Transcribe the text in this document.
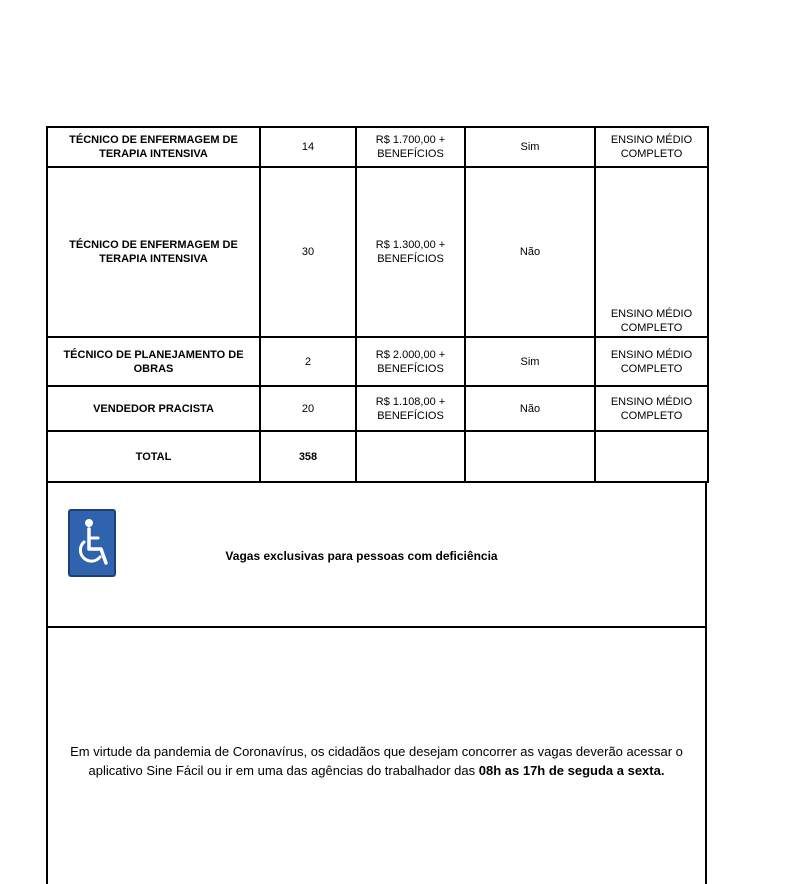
TÉCNICO DE ENFERMAGEM DE TERAPIA INTENSIVA	14	R$ 1.700,00 + BENEFÍCIOS	Sim	ENSINO MÉDIO COMPLETO
TÉCNICO DE ENFERMAGEM DE TERAPIA INTENSIVA	30	R$ 1.300,00 + BENEFÍCIOS	Não	ENSINO MÉDIO COMPLETO
TÉCNICO DE PLANEJAMENTO DE OBRAS	2	R$ 2.000,00 + BENEFÍCIOS	Sim	ENSINO MÉDIO COMPLETO
VENDEDOR PRACISTA	20	R$ 1.108,00 + BENEFÍCIOS	Não	ENSINO MÉDIO COMPLETO
TOTAL	358			
Vagas exclusivas para pessoas com deficiência
Em virtude da pandemia de Coronavírus, os cidadãos que desejam concorrer as vagas deverão acessar o aplicativo Sine Fácil ou ir em uma das agências do trabalhador das 08h as 17h de seguda a sexta.
